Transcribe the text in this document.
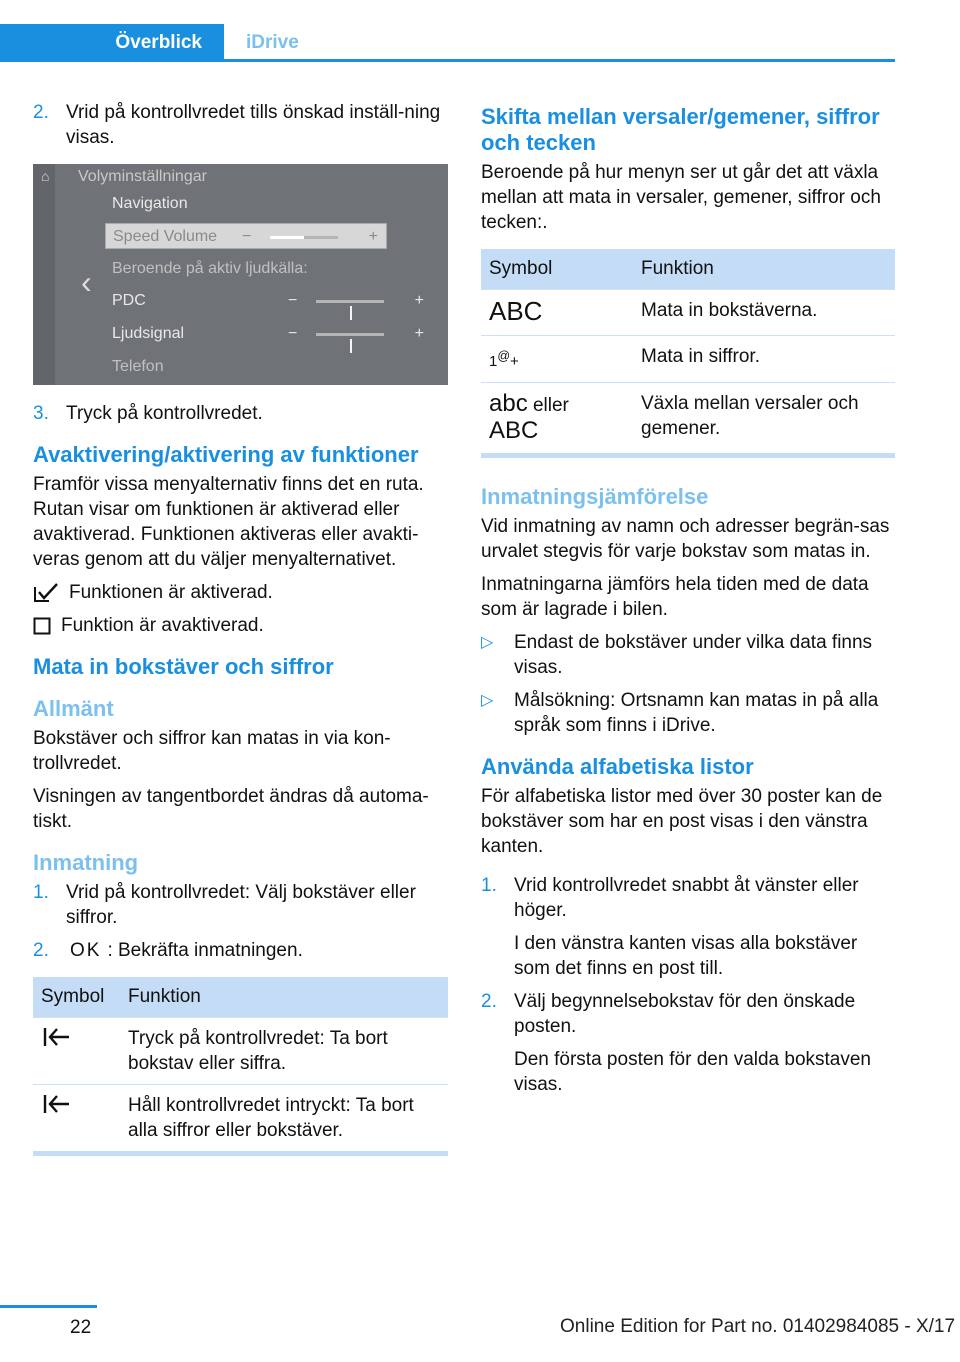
Överblick	iDrive
2. Vrid på kontrollvredet tills önskad inställ-ning visas.
⌂ Volyminställningar
‹
Navigation
Speed Volume −	+
Beroende på aktiv ljudkälla:
PDC	−	+
Ljudsignal	−	+
Telefon
3. Tryck på kontrollvredet.
Avaktivering/aktivering av funktioner

Framför vissa menyalternativ finns det en ruta. Rutan visar om funktionen är aktiverad eller avaktiverad. Funktionen aktiveras eller avakti-veras genom att du väljer menyalternativet.

Funktionen är aktiverad.
Funktion är avaktiverad.
Mata in bokstäver och siffror
Allmänt

Bokstäver och siffror kan matas in via kon-trollvredet.

Visningen av tangentbordet ändras då automa-tiskt.

Inmatning
1. Vrid på kontrollvredet: Välj bokstäver eller siffror.
2.	OK : Bekräfta inmatningen.
Symbol	Funktion
	Tryck på kontrollvredet: Ta bort bokstav eller siffra.
	Håll kontrollvredet intryckt: Ta bort alla siffror eller bokstäver.
Skifta mellan versaler/gemener, siffror och tecken

Beroende på hur menyn ser ut går det att växla mellan att mata in versaler, gemener, siffror och tecken:.

Symbol	Funktion
ABC	Mata in bokstäverna.
1@+	Mata in siffror.
abc eller
ABC	Växla mellan versaler och gemener.
Inmatningsjämförelse

Vid inmatning av namn och adresser begrän-sas urvalet stegvis för varje bokstav som matas in.

Inmatningarna jämförs hela tiden med de data som är lagrade i bilen.

▷	Endast de bokstäver under vilka data finns visas.
▷	Målsökning: Ortsnamn kan matas in på alla språk som finns i iDrive.
Använda alfabetiska listor

För alfabetiska listor med över 30 poster kan de bokstäver som har en post visas i den vänstra kanten.

1. Vrid kontrollvredet snabbt åt vänster eller höger.
I den vänstra kanten visas alla bokstäver som det finns en post till.
2. Välj begynnelsebokstav för den önskade posten.
Den första posten för den valda bokstaven visas.
22	Online Edition for Part no. 01402984085 - X/17
